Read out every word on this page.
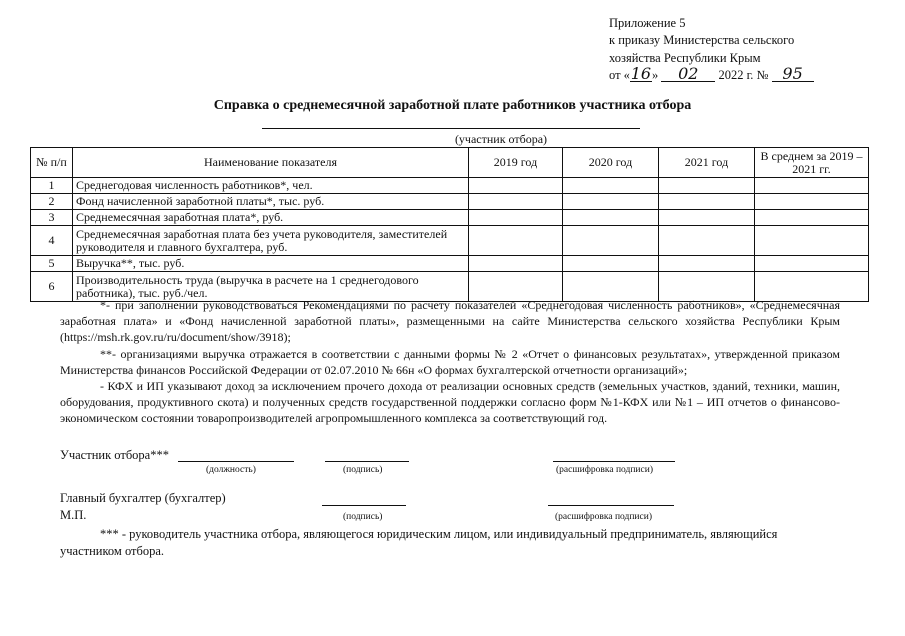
Приложение 5
к приказу Министерства сельского
хозяйства Республики Крым
от «16» 02 2022 г. № 95
Справка о среднемесячной заработной плате работников участника отбора
(участник отбора)
№ п/п	Наименование показателя	2019 год	2020 год	2021 год	В среднем за 2019 – 2021 гг.
1	Среднегодовая численность работников*, чел.				
2	Фонд начисленной заработной платы*, тыс. руб.				
3	Среднемесячная заработная плата*, руб.				
4	Среднемесячная заработная плата без учета руководителя, заместителей руководителя и главного бухгалтера, руб.				
5	Выручка**, тыс. руб.				
6	Производительность труда (выручка в расчете на 1 среднегодового работника), тыс. руб./чел.				

*- при заполнении руководствоваться Рекомендациями по расчету показателей «Среднегодовая численность работников», «Среднемесячная заработная плата» и «Фонд начисленной заработной платы», размещенными на сайте Министерства сельского хозяйства Республики Крым (https://msh.rk.gov.ru/ru/document/show/3918);

**- организациями выручка отражается в соответствии с данными формы № 2 «Отчет о финансовых результатах», утвержденной приказом Министерства финансов Российской Федерации от 02.07.2010 № 66н «О формах бухгалтерской отчетности организаций»;

- КФХ и ИП указывают доход за исключением прочего дохода от реализации основных средств (земельных участков, зданий, техники, машин, оборудования, продуктивного скота) и полученных средств государственной поддержки согласно форм №1-КФХ или №1 – ИП отчетов о финансово-экономическом состоянии товаропроизводителей агропромышленного комплекса за соответствующий год.

Участник отбора***
(должность)	(подпись)	(расшифровка подписи)
Главный бухгалтер (бухгалтер)
М.П.	(подпись)	(расшифровка подписи)
*** - руководитель участника отбора, являющегося юридическим лицом, или индивидуальный предприниматель, являющийся участником отбора.
